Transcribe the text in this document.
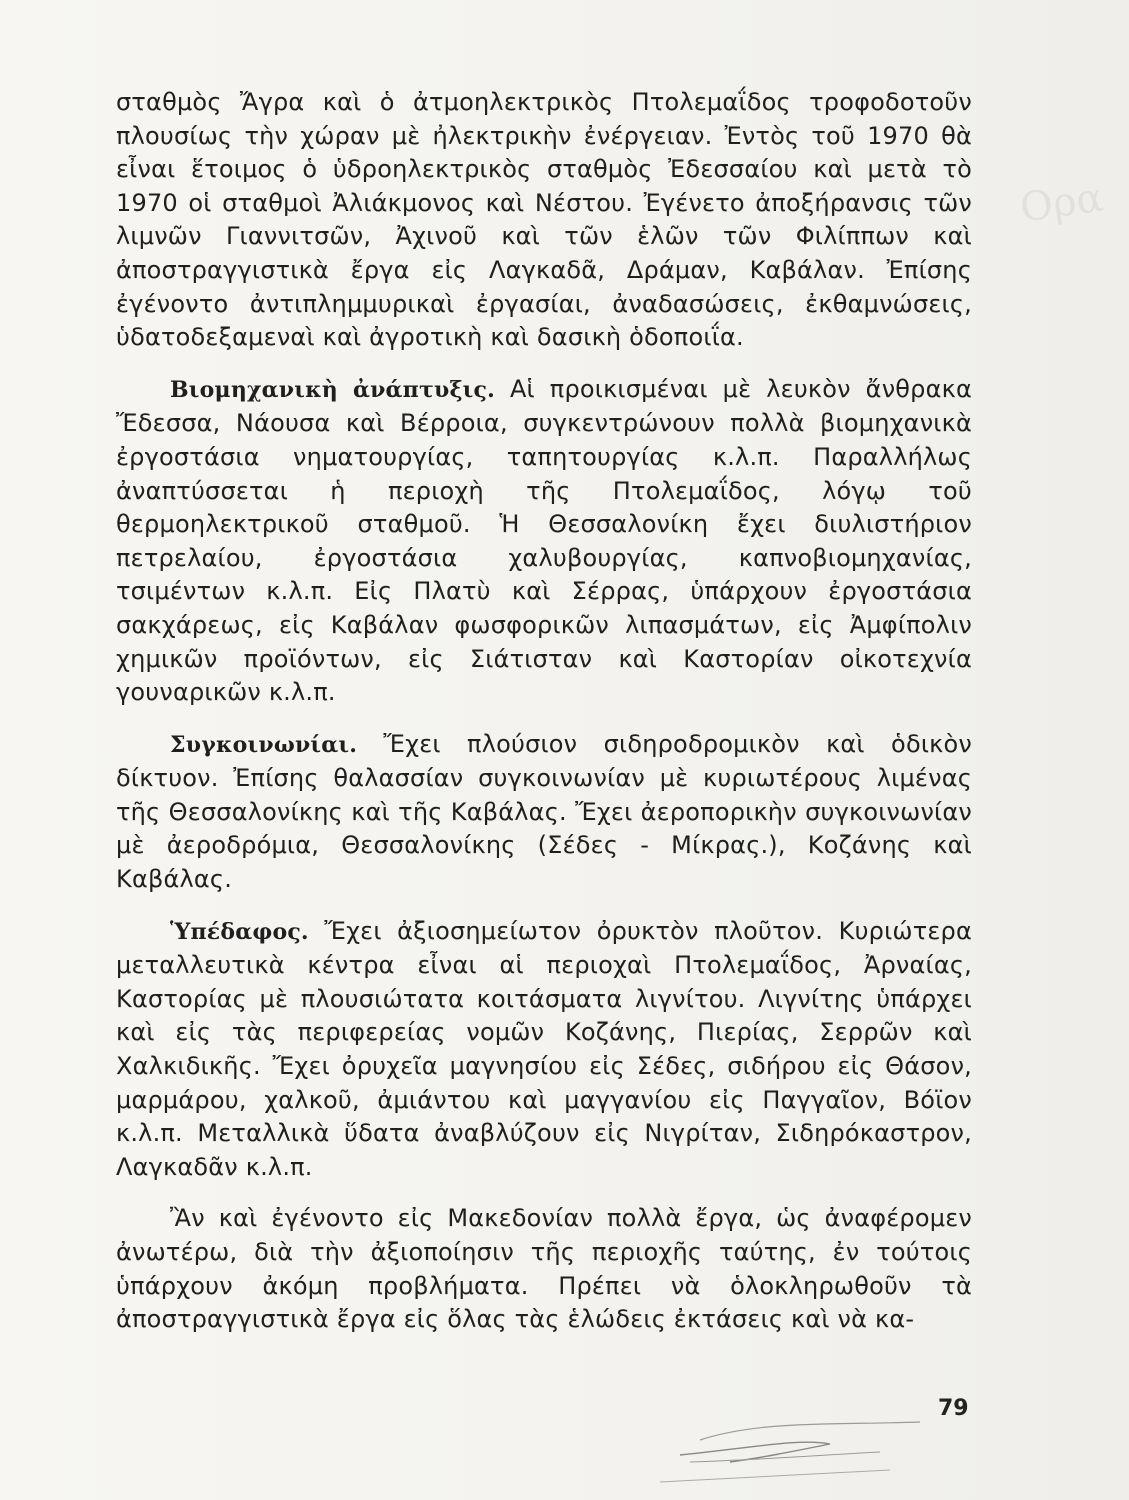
Ορα

σταθμὸς Ἄγρα καὶ ὁ ἀτμοηλεκτρικὸς Πτολεμαΐδος τροφοδοτοῦν πλουσίως τὴν χώραν μὲ ἠλεκτρικὴν ἐνέργειαν. Ἐντὸς τοῦ 1970 θὰ εἶναι ἕτοιμος ὁ ὑδροηλεκτρικὸς σταθμὸς Ἐδεσσαίου καὶ μετὰ τὸ 1970 οἱ σταθμοὶ Ἀλιάκμονος καὶ Νέστου. Ἐγένετο ἀποξήρανσις τῶν λιμνῶν Γιαννιτσῶν, Ἀχινοῦ καὶ τῶν ἑλῶν τῶν Φιλίππων καὶ ἀποστραγγιστικὰ ἔργα εἰς Λαγκαδᾶ, Δράμαν, Καβάλαν. Ἐπίσης ἐγένοντο ἀντιπλημμυρικαὶ ἐργασίαι, ἀναδασώσεις, ἐκθαμνώσεις, ὑδατοδεξαμεναὶ καὶ ἀγροτικὴ καὶ δασικὴ ὁδοποιΐα.

Βιομηχανικὴ ἀνάπτυξις. Αἱ προικισμέναι μὲ λευκὸν ἄνθρακα Ἔδεσσα, Νάουσα καὶ Βέρροια, συγκεντρώνουν πολλὰ βιομηχανικὰ ἐργοστάσια νηματουργίας, ταπητουργίας κ.λ.π. Παραλλήλως ἀναπτύσσεται ἡ περιοχὴ τῆς Πτολεμαΐδος, λόγῳ τοῦ θερμοηλεκτρικοῦ σταθμοῦ. Ἡ Θεσσαλονίκη ἔχει διυλιστήριον πετρελαίου, ἐργοστάσια χαλυβουργίας, καπνοβιομηχανίας, τσιμέντων κ.λ.π. Εἰς Πλατὺ καὶ Σέρρας, ὑπάρχουν ἐργοστάσια σακχάρεως, εἰς Καβάλαν φωσφορικῶν λιπασμάτων, εἰς Ἀμφίπολιν χημικῶν προϊόντων, εἰς Σιάτισταν καὶ Καστορίαν οἰκοτεχνία γουναρικῶν κ.λ.π.

Συγκοινωνίαι. Ἔχει πλούσιον σιδηροδρομικὸν καὶ ὁδικὸν δίκτυον. Ἐπίσης θαλασσίαν συγκοινωνίαν μὲ κυριωτέρους λιμένας τῆς Θεσσαλονίκης καὶ τῆς Καβάλας. Ἔχει ἀεροπορικὴν συγκοινωνίαν μὲ ἀεροδρόμια, Θεσσαλονίκης (Σέδες - Μίκρας.), Κοζάνης καὶ Καβάλας.

Ὑπέδαφος. Ἔχει ἀξιοσημείωτον ὀρυκτὸν πλοῦτον. Κυριώτερα μεταλλευτικὰ κέντρα εἶναι αἱ περιοχαὶ Πτολεμαΐδος, Ἀρναίας, Καστορίας μὲ πλουσιώτατα κοιτάσματα λιγνίτου. Λιγνίτης ὑπάρχει καὶ εἰς τὰς περιφερείας νομῶν Κοζάνης, Πιερίας, Σερρῶν καὶ Χαλκιδικῆς. Ἔχει ὀρυχεῖα μαγνησίου εἰς Σέδες, σιδήρου εἰς Θάσον, μαρμάρου, χαλκοῦ, ἀμιάντου καὶ μαγγανίου εἰς Παγγαῖον, Βόϊον κ.λ.π. Μεταλλικὰ ὕδατα ἀναβλύζουν εἰς Νιγρίταν, Σιδηρόκαστρον, Λαγκαδᾶν κ.λ.π.

Ἂν καὶ ἐγένοντο εἰς Μακεδονίαν πολλὰ ἔργα, ὡς ἀναφέρομεν ἀνωτέρω, διὰ τὴν ἀξιοποίησιν τῆς περιοχῆς ταύτης, ἐν τούτοις ὑπάρχουν ἀκόμη προβλήματα. Πρέπει νὰ ὁλοκληρωθοῦν τὰ ἀποστραγγιστικὰ ἔργα εἰς ὅλας τὰς ἑλώδεις ἐκτάσεις καὶ νὰ κα-

79
